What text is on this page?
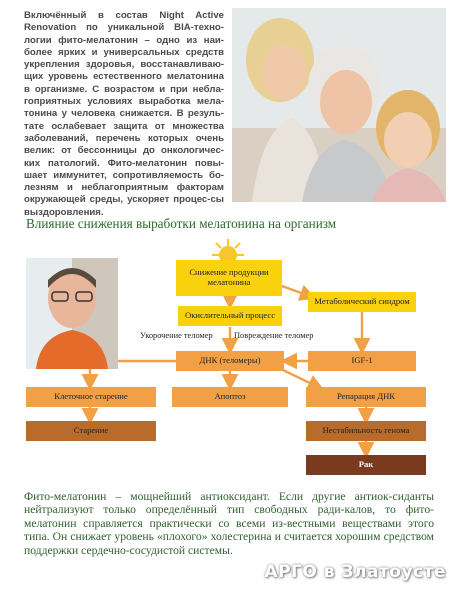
Включённый в состав Night Active Renovation по уникальной BIA-техно-логии фито-мелатонин – одно из наи-более ярких и универсальных средств укрепления здоровья, восстанавливаю-щих уровень естественного мелатонина в организме. С возрастом и при небла-гоприятных условиях выработка мела-тонина у человека снижается. В резуль-тате ослабевает защита от множества заболеваний, перечень которых очень велик: от бессонницы до онкологичес-ких патологий. Фито-мелатонин повы-шает иммунитет, сопротивляемость бо-лезням и неблагоприятным факторам окружающей среды, ускоряет процес-сы выздоровления.
Влияние снижения выработки мелатонина на организм
Снижение продукции мелатонина
Окислительный процесс
Метаболический синдром
Укорочение теломер	Повреждение теломер
ДНК (теломеры)	IGF-1
Клеточное старение	Апоптоз	Репарация ДНК
Старение	Нестабильность генома
Рак
Фито-мелатонин – мощнейший антиоксидант. Если другие антиок-сиданты нейтрализуют только определённый тип свободных ради-калов, то фито-мелатонин справляется практически со всеми из-вестными веществами этого типа. Он снижает уровень «плохого» холестерина и считается хорошим средством поддержки сердечно-сосудистой системы.
АРГО в Златоусте
